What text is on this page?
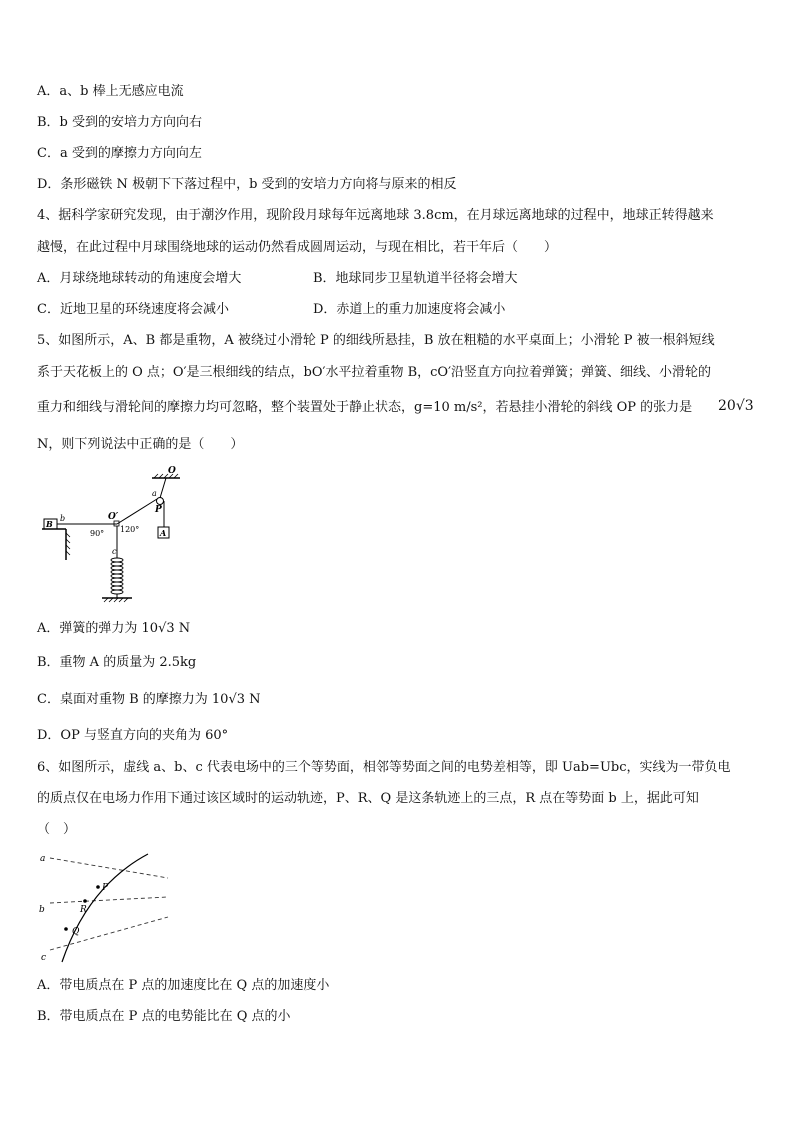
A．a、b 棒上无感应电流
B．b 受到的安培力方向向右
C．a 受到的摩擦力方向向左
D．条形磁铁 N 极朝下下落过程中，b 受到的安培力方向将与原来的相反
4、据科学家研究发现，由于潮汐作用，现阶段月球每年远离地球 3.8cm，在月球远离地球的过程中，地球正转得越来
越慢，在此过程中月球围绕地球的运动仍然看成圆周运动，与现在相比，若干年后（　　）
A．月球绕地球转动的角速度会增大	B．地球同步卫星轨道半径将会增大
C．近地卫星的环绕速度将会减小	D．赤道上的重力加速度将会减小
5、如图所示，A、B 都是重物，A 被绕过小滑轮 P 的细线所悬挂，B 放在粗糙的水平桌面上；小滑轮 P 被一根斜短线
系于天花板上的 O 点；O′是三根细线的结点，bO′水平拉着重物 B，cO′沿竖直方向拉着弹簧；弹簧、细线、小滑轮的
重力和细线与滑轮间的摩擦力均可忽略，整个装置处于静止状态，g=10 m/s²，若悬挂小滑轮的斜线 OP 的张力是 20√3
N，则下列说法中正确的是（　　）
O
a
P
A
B
b	O′
90° 120°
c
A．弹簧的弹力为 10√3 N
B．重物 A 的质量为 2.5kg
C．桌面对重物 B 的摩擦力为 10√3 N
D．OP 与竖直方向的夹角为 60°
6、如图所示，虚线 a、b、c 代表电场中的三个等势面，相邻等势面之间的电势差相等，即 Uab=Ubc，实线为一带负电
的质点仅在电场力作用下通过该区域时的运动轨迹，P、R、Q 是这条轨迹上的三点，R 点在等势面 b 上，据此可知
（　）
a
b
c
P
R
Q
A．带电质点在 P 点的加速度比在 Q 点的加速度小
B．带电质点在 P 点的电势能比在 Q 点的小
